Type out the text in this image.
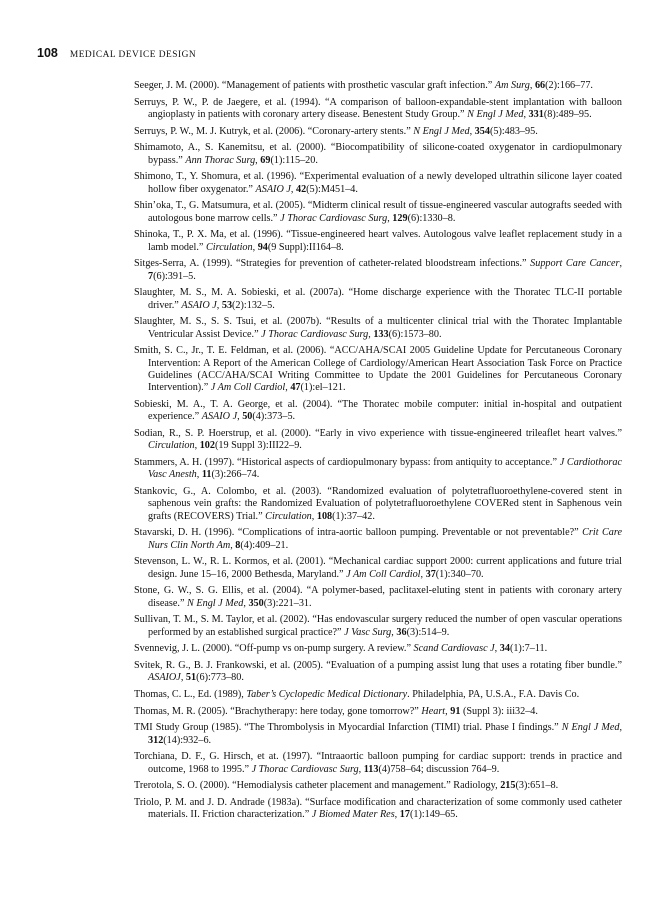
108 MEDICAL DEVICE DESIGN
Seeger, J. M. (2000). “Management of patients with prosthetic vascular graft infection.” Am Surg, 66(2):166–77.
Serruys, P. W., P. de Jaegere, et al. (1994). “A comparison of balloon-expandable-stent implantation with balloon angioplasty in patients with coronary artery disease. Benestent Study Group.” N Engl J Med, 331(8):489–95.
Serruys, P. W., M. J. Kutryk, et al. (2006). “Coronary-artery stents.” N Engl J Med, 354(5):483–95.
Shimamoto, A., S. Kanemitsu, et al. (2000). “Biocompatibility of silicone-coated oxygenator in cardiopulmonary bypass.” Ann Thorac Surg, 69(1):115–20.
Shimono, T., Y. Shomura, et al. (1996). “Experimental evaluation of a newly developed ultrathin silicone layer coated hollow fiber oxygenator.” ASAIO J, 42(5):M451–4.
Shin’oka, T., G. Matsumura, et al. (2005). “Midterm clinical result of tissue-engineered vascular autografts seeded with autologous bone marrow cells.” J Thorac Cardiovasc Surg, 129(6):1330–8.
Shinoka, T., P. X. Ma, et al. (1996). “Tissue-engineered heart valves. Autologous valve leaflet replacement study in a lamb model.” Circulation, 94(9 Suppl):II164–8.
Sitges-Serra, A. (1999). “Strategies for prevention of catheter-related bloodstream infections.” Support Care Cancer, 7(6):391–5.
Slaughter, M. S., M. A. Sobieski, et al. (2007a). “Home discharge experience with the Thoratec TLC-II portable driver.” ASAIO J, 53(2):132–5.
Slaughter, M. S., S. S. Tsui, et al. (2007b). “Results of a multicenter clinical trial with the Thoratec Implantable Ventricular Assist Device.” J Thorac Cardiovasc Surg, 133(6):1573–80.
Smith, S. C., Jr., T. E. Feldman, et al. (2006). “ACC/AHA/SCAI 2005 Guideline Update for Percutaneous Coronary Intervention: A Report of the American College of Cardiology/American Heart Association Task Force on Practice Guidelines (ACC/AHA/SCAI Writing Committee to Update the 2001 Guidelines for Percutaneous Coronary Intervention).” J Am Coll Cardiol, 47(1):el–121.
Sobieski, M. A., T. A. George, et al. (2004). “The Thoratec mobile computer: initial in-hospital and outpatient experience.” ASAIO J, 50(4):373–5.
Sodian, R., S. P. Hoerstrup, et al. (2000). “Early in vivo experience with tissue-engineered trileaflet heart valves.” Circulation, 102(19 Suppl 3):III22–9.
Stammers, A. H. (1997). “Historical aspects of cardiopulmonary bypass: from antiquity to acceptance.” J Cardiothorac Vasc Anesth, 11(3):266–74.
Stankovic, G., A. Colombo, et al. (2003). “Randomized evaluation of polytetrafluoroethylene-covered stent in saphenous vein grafts: the Randomized Evaluation of polytetrafluoroethylene COVERed stent in Saphenous vein grafts (RECOVERS) Trial.” Circulation, 108(1):37–42.
Stavarski, D. H. (1996). “Complications of intra-aortic balloon pumping. Preventable or not preventable?” Crit Care Nurs Clin North Am, 8(4):409–21.
Stevenson, L. W., R. L. Kormos, et al. (2001). “Mechanical cardiac support 2000: current applications and future trial design. June 15–16, 2000 Bethesda, Maryland.” J Am Coll Cardiol, 37(1):340–70.
Stone, G. W., S. G. Ellis, et al. (2004). “A polymer-based, paclitaxel-eluting stent in patients with coronary artery disease.” N Engl J Med, 350(3):221–31.
Sullivan, T. M., S. M. Taylor, et al. (2002). “Has endovascular surgery reduced the number of open vascular operations performed by an established surgical practice?” J Vasc Surg, 36(3):514–9.
Svennevig, J. L. (2000). “Off-pump vs on-pump surgery. A review.” Scand Cardiovasc J, 34(1):7–11.
Svitek, R. G., B. J. Frankowski, et al. (2005). “Evaluation of a pumping assist lung that uses a rotating fiber bundle.” ASAIOJ, 51(6):773–80.
Thomas, C. L., Ed. (1989), Taber’s Cyclopedic Medical Dictionary. Philadelphia, PA, U.S.A., F.A. Davis Co.
Thomas, M. R. (2005). “Brachytherapy: here today, gone tomorrow?” Heart, 91 (Suppl 3): iii32–4.
TMI Study Group (1985). “The Thrombolysis in Myocardial Infarction (TIMI) trial. Phase I findings.” N Engl J Med, 312(14):932–6.
Torchiana, D. F., G. Hirsch, et at. (1997). “Intraaortic balloon pumping for cardiac support: trends in practice and outcome, 1968 to 1995.” J Thorac Cardiovasc Surg, 113(4)758–64; discussion 764–9.
Trerotola, S. O. (2000). “Hemodialysis catheter placement and management.” Radiology, 215(3):651–8.
Triolo, P. M. and J. D. Andrade (1983a). “Surface modification and characterization of some commonly used catheter materials. II. Friction characterization.” J Biomed Mater Res, 17(1):149–65.
